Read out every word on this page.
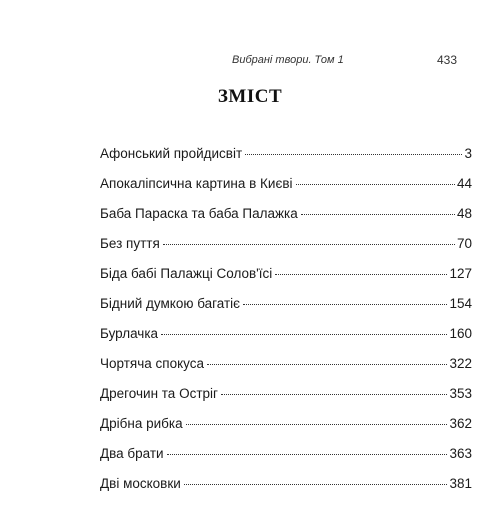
Вибрані твори. Том 1	433
ЗМІСТ
Афонський пройдисвіт	3
Апокаліпсична картина в Києві	44
Баба Параска та баба Палажка	48
Без пуття	70
Біда бабі Палажці Солов'їсі	127
Бідний думкою багатіє	154
Бурлачка	160
Чортяча спокуса	322
Дрегочин та Остріг	353
Дрібна рибка	362
Два брати	363
Дві московки	381
